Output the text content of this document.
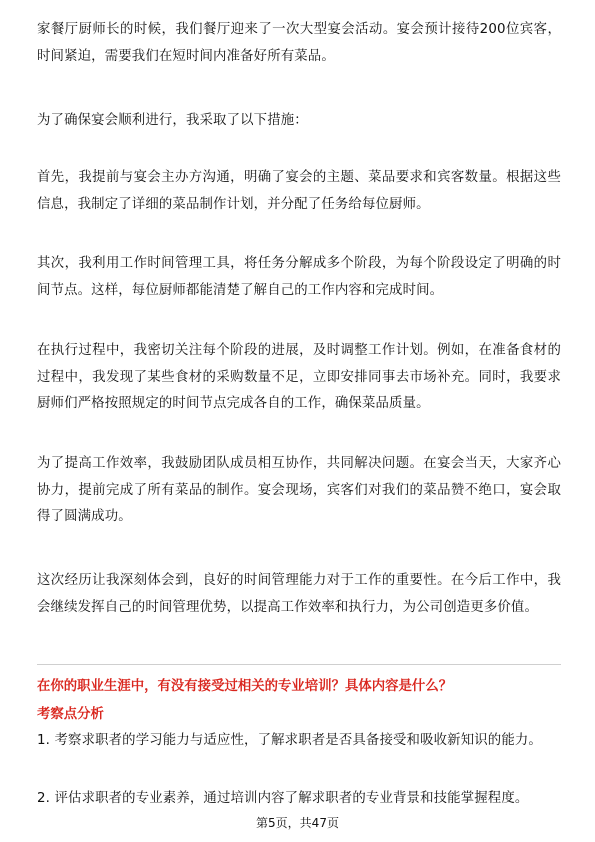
家餐厅厨师长的时候，我们餐厅迎来了一次大型宴会活动。宴会预计接待200位宾客，时间紧迫，需要我们在短时间内准备好所有菜品。

为了确保宴会顺利进行，我采取了以下措施：

首先，我提前与宴会主办方沟通，明确了宴会的主题、菜品要求和宾客数量。根据这些信息，我制定了详细的菜品制作计划，并分配了任务给每位厨师。

其次，我利用工作时间管理工具，将任务分解成多个阶段，为每个阶段设定了明确的时间节点。这样，每位厨师都能清楚了解自己的工作内容和完成时间。

在执行过程中，我密切关注每个阶段的进展，及时调整工作计划。例如，在准备食材的过程中，我发现了某些食材的采购数量不足，立即安排同事去市场补充。同时，我要求厨师们严格按照规定的时间节点完成各自的工作，确保菜品质量。

为了提高工作效率，我鼓励团队成员相互协作，共同解决问题。在宴会当天，大家齐心协力，提前完成了所有菜品的制作。宴会现场，宾客们对我们的菜品赞不绝口，宴会取得了圆满成功。

这次经历让我深刻体会到，良好的时间管理能力对于工作的重要性。在今后工作中，我会继续发挥自己的时间管理优势，以提高工作效率和执行力，为公司创造更多价值。

在你的职业生涯中，有没有接受过相关的专业培训？具体内容是什么？
考察点分析

1. 考察求职者的学习能力与适应性，了解求职者是否具备接受和吸收新知识的能力。

2. 评估求职者的专业素养，通过培训内容了解求职者的专业背景和技能掌握程度。

第5页，共47页
